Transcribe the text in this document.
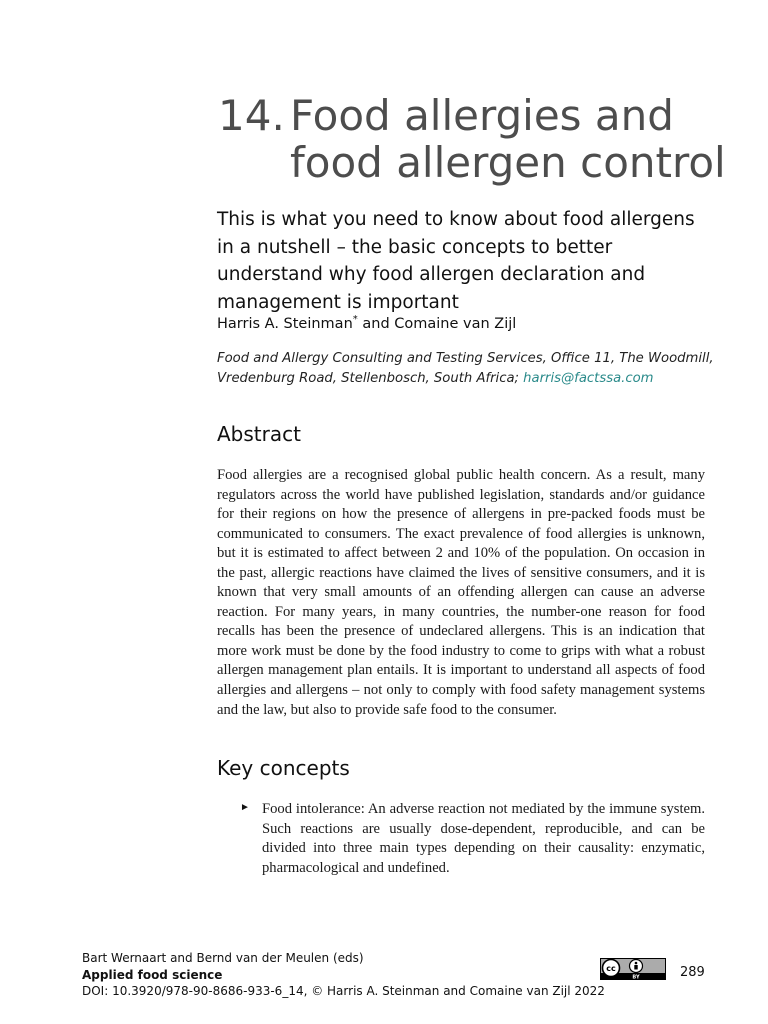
14. Food allergies and
food allergen control
This is what you need to know about food allergens in a nutshell – the basic concepts to better understand why food allergen declaration and management is important
Harris A. Steinman* and Comaine van Zijl
Food and Allergy Consulting and Testing Services, Office 11, The Woodmill, Vredenburg Road, Stellenbosch, South Africa; harris@factssa.com
Abstract

Food allergies are a recognised global public health concern. As a result, many regulators across the world have published legislation, standards and/or guidance for their regions on how the presence of allergens in pre-packed foods must be communicated to consumers. The exact prevalence of food allergies is unknown, but it is estimated to affect between 2 and 10% of the population. On occasion in the past, allergic reactions have claimed the lives of sensitive consumers, and it is known that very small amounts of an offending allergen can cause an adverse reaction. For many years, in many countries, the number-one reason for food recalls has been the presence of undeclared allergens. This is an indication that more work must be done by the food industry to come to grips with what a robust allergen management plan entails. It is important to understand all aspects of food allergies and allergens – not only to comply with food safety management systems and the law, but also to provide safe food to the consumer.

Key concepts
► Food intolerance: An adverse reaction not mediated by the immune system. Such reactions are usually dose-dependent, reproducible, and can be divided into three main types depending on their causality: enzymatic, pharmacological and undefined.
Bart Wernaart and Bernd van der Meulen (eds)
Applied food science
DOI: 10.3920/978-90-8686-933-6_14, © Harris A. Steinman and Comaine van Zijl 2022
cc
BY	289
